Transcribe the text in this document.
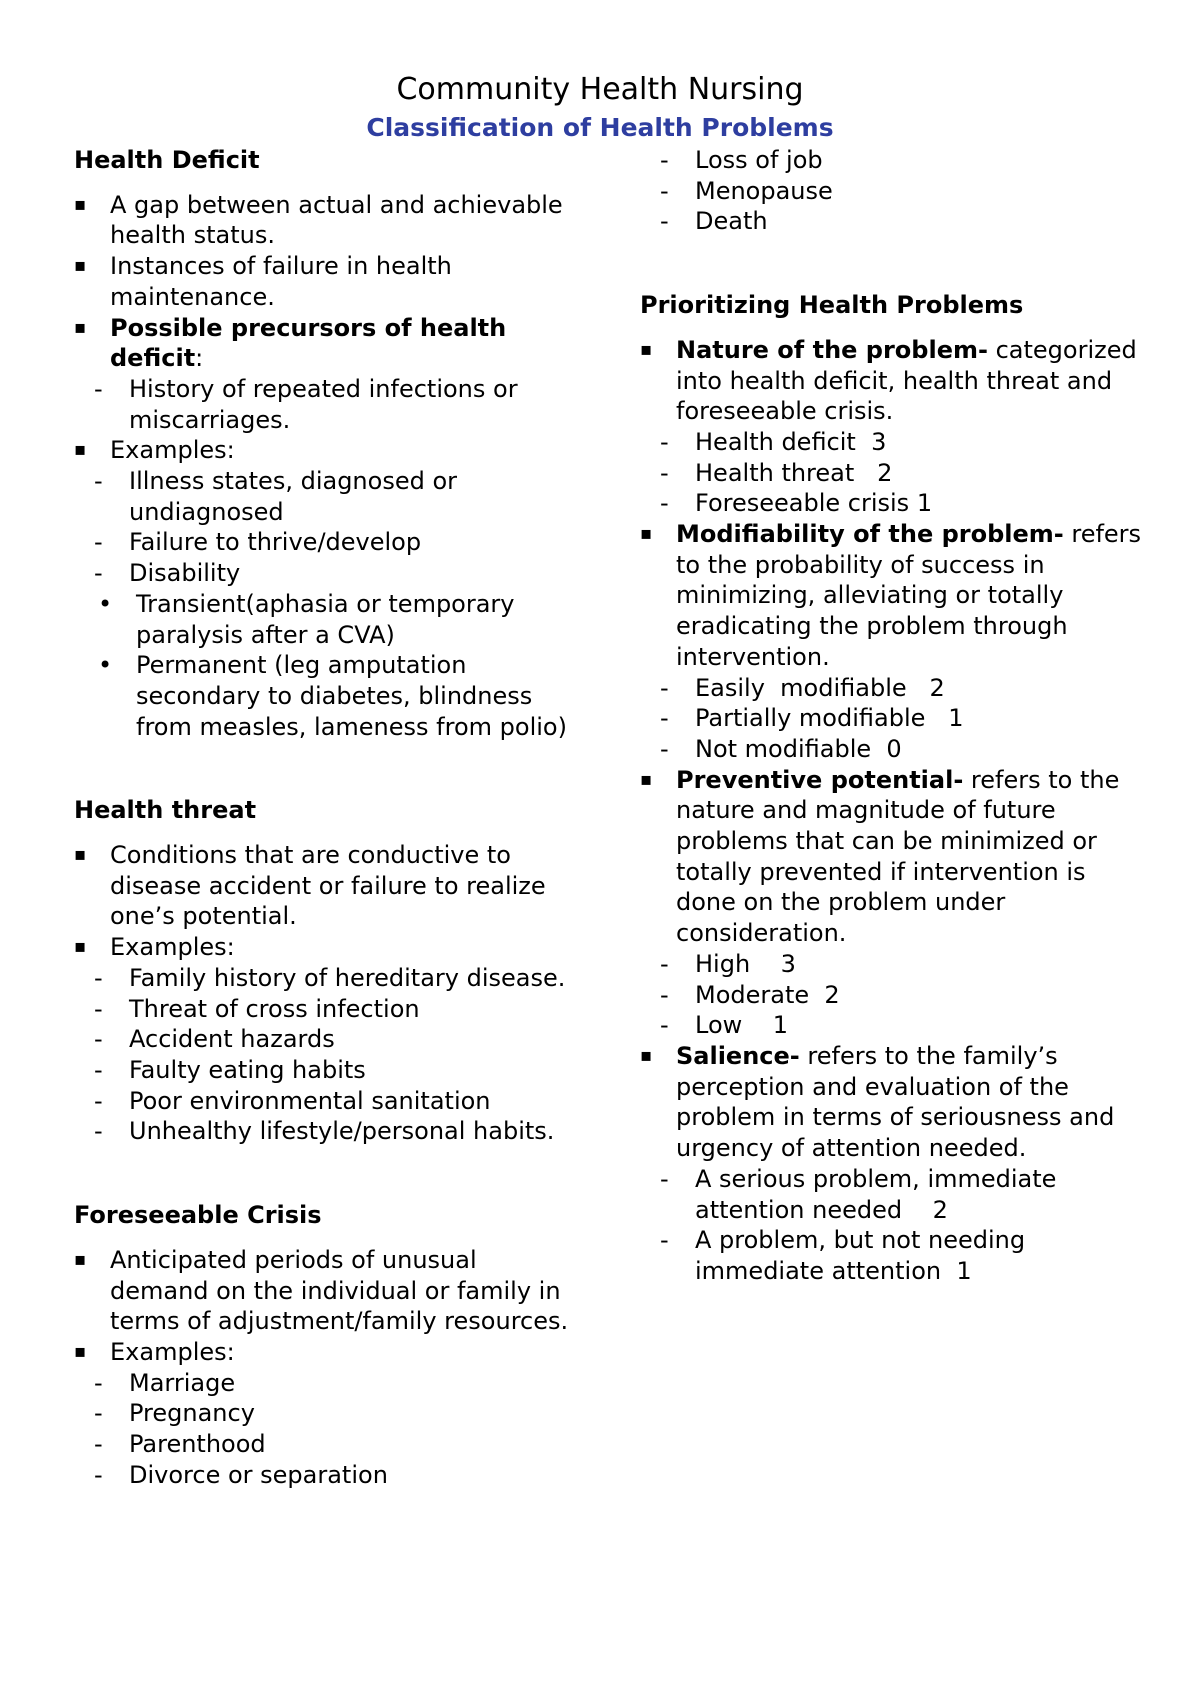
Community Health Nursing
Classification of Health Problems

Health Deficit

▪ A gap between actual and achievable health status.
▪ Instances of failure in health maintenance.
▪ Possible precursors of health deficit:
- History of repeated infections or miscarriages.
▪ Examples:
- Illness states, diagnosed or undiagnosed
- Failure to thrive/develop
- Disability
• Transient(aphasia or temporary paralysis after a CVA)
• Permanent (leg amputation secondary to diabetes, blindness from measles, lameness from polio)

Health threat

▪ Conditions that are conductive to disease accident or failure to realize one’s potential.
▪ Examples:
- Family history of hereditary disease.
- Threat of cross infection
- Accident hazards
- Faulty eating habits
- Poor environmental sanitation
- Unhealthy lifestyle/personal habits.

Foreseeable Crisis

▪ Anticipated periods of unusual demand on the individual or family in terms of adjustment/family resources.
▪ Examples:
- Marriage
- Pregnancy
- Parenthood
- Divorce or separation
- Loss of job
- Menopause
- Death

Prioritizing Health Problems

▪ Nature of the problem- categorized into health deficit, health threat and foreseeable crisis.
- Health deficit  3
- Health threat   2
- Foreseeable crisis 1
▪ Modifiability of the problem- refers to the probability of success in minimizing, alleviating or totally eradicating the problem through intervention.
- Easily  modifiable   2
- Partially modifiable   1
- Not modifiable  0
▪ Preventive potential- refers to the nature and magnitude of future problems that can be minimized or totally prevented if intervention is done on the problem under consideration.
- High    3
- Moderate  2
- Low    1
▪ Salience- refers to the family’s perception and evaluation of the problem in terms of seriousness and urgency of attention needed.
- A serious problem, immediate attention needed    2
- A problem, but not needing immediate attention  1
